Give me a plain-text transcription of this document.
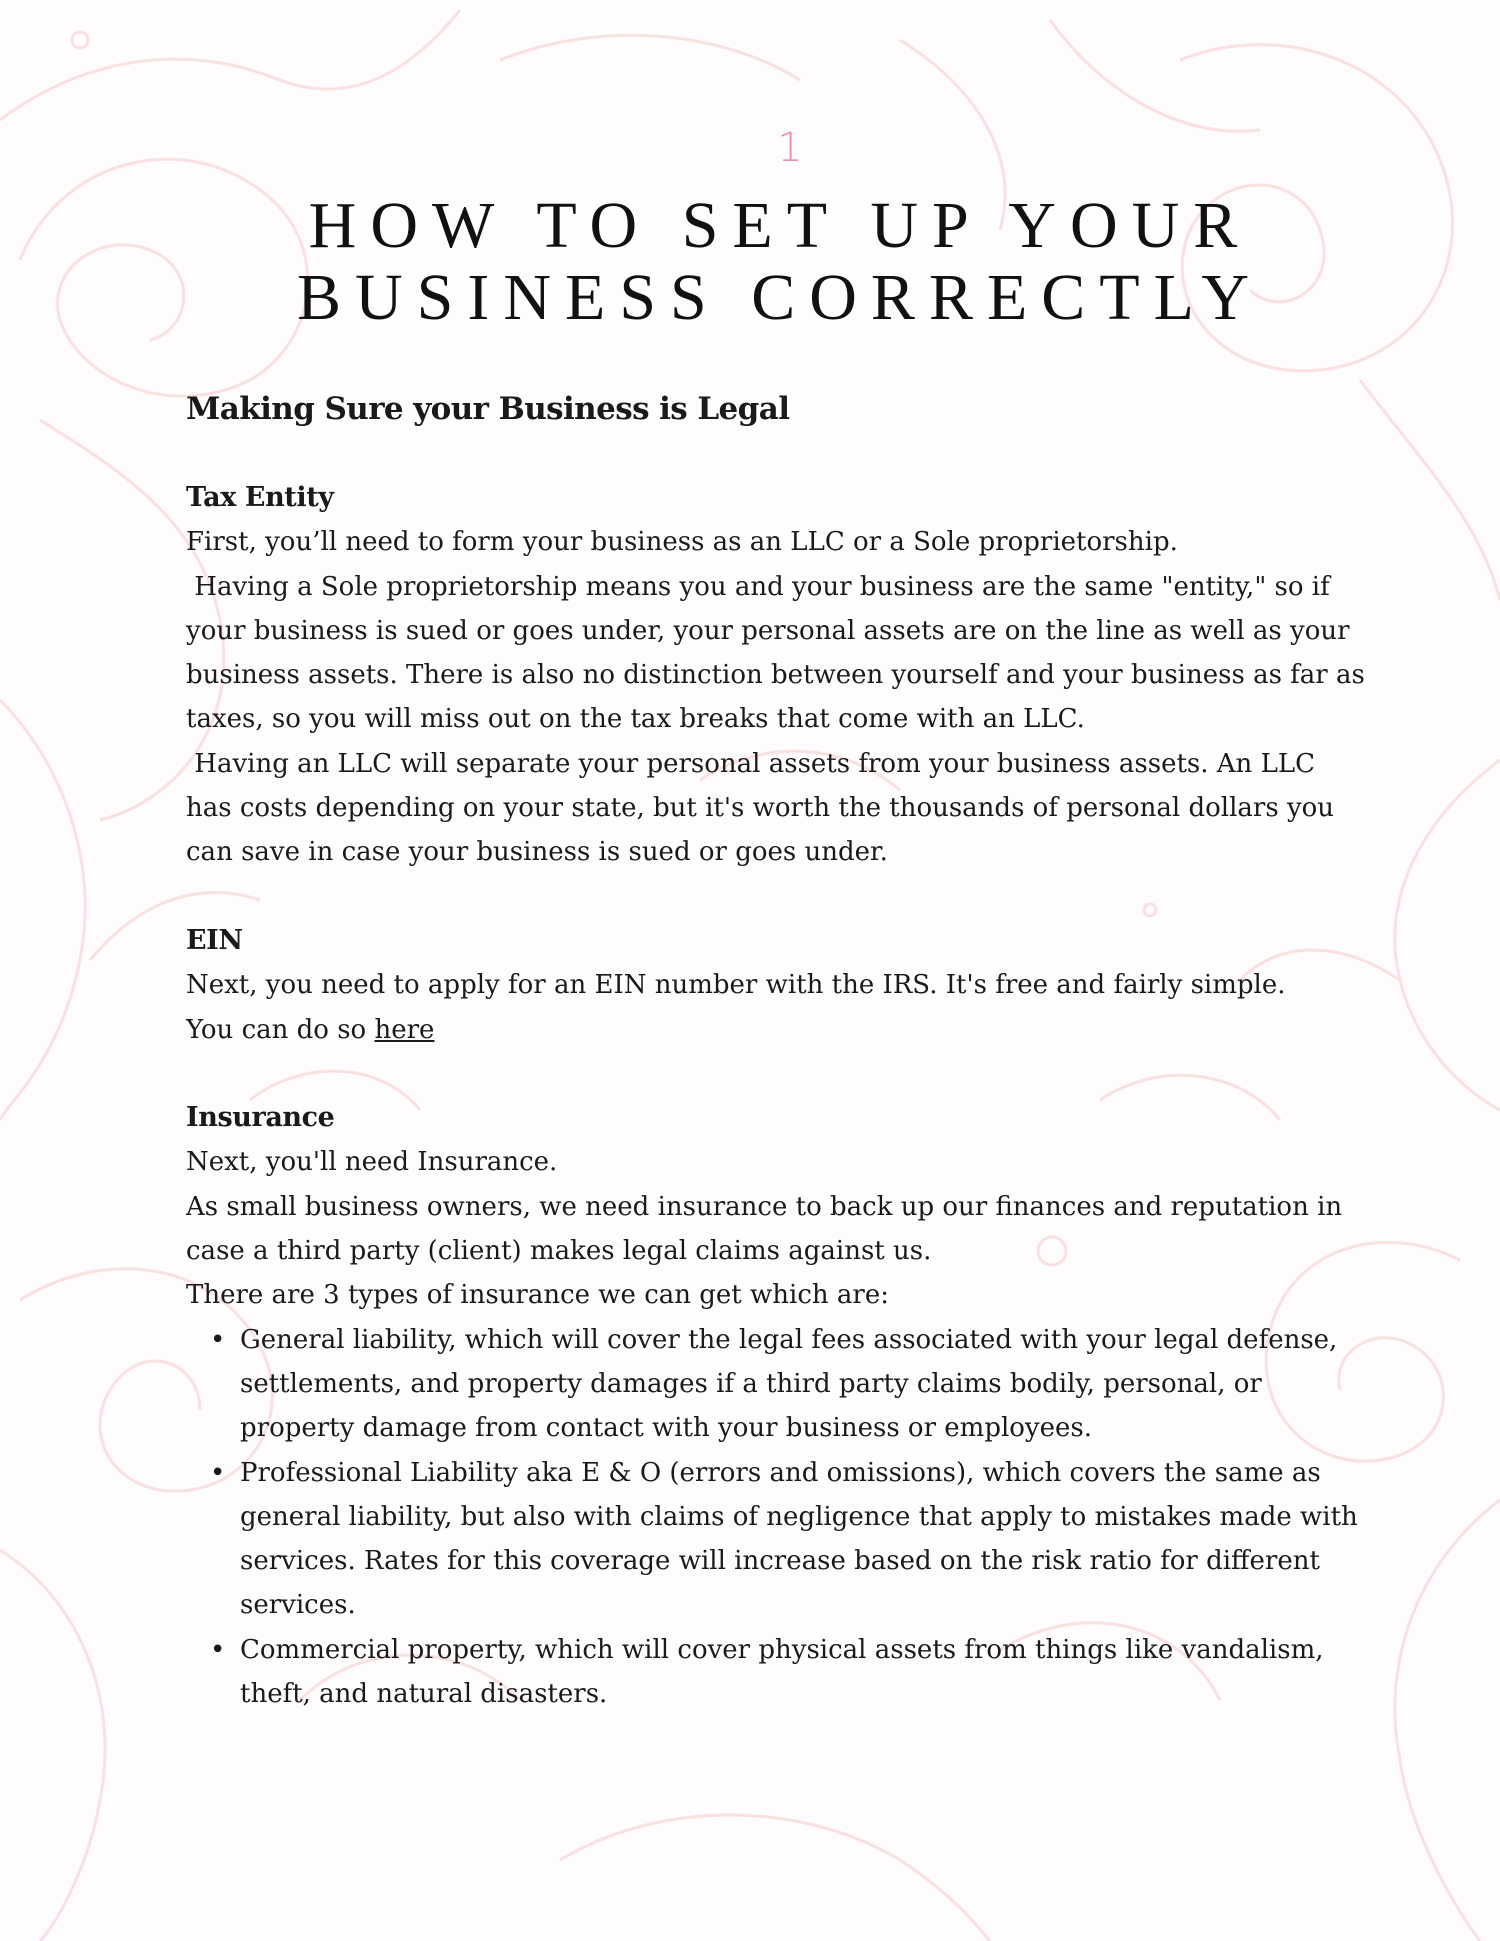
1
HOW TO SET UP YOUR BUSINESS CORRECTLY
Making Sure your Business is Legal
Tax Entity

First, you’ll need to form your business as an LLC or a Sole proprietorship.

Having a Sole proprietorship means you and your business are the same "entity," so if your business is sued or goes under, your personal assets are on the line as well as your business assets. There is also no distinction between yourself and your business as far as taxes, so you will miss out on the tax breaks that come with an LLC.

Having an LLC will separate your personal assets from your business assets. An LLC has costs depending on your state, but it's worth the thousands of personal dollars you can save in case your business is sued or goes under.

EIN

Next, you need to apply for an EIN number with the IRS. It's free and fairly simple.

You can do so here

Insurance

Next, you'll need Insurance.

As small business owners, we need insurance to back up our finances and reputation in case a third party (client) makes legal claims against us.

There are 3 types of insurance we can get which are:

• General liability, which will cover the legal fees associated with your legal defense, settlements, and property damages if a third party claims bodily, personal, or property damage from contact with your business or employees.
• Professional Liability aka E & O (errors and omissions), which covers the same as general liability, but also with claims of negligence that apply to mistakes made with services. Rates for this coverage will increase based on the risk ratio for different services.
• Commercial property, which will cover physical assets from things like vandalism, theft, and natural disasters.
